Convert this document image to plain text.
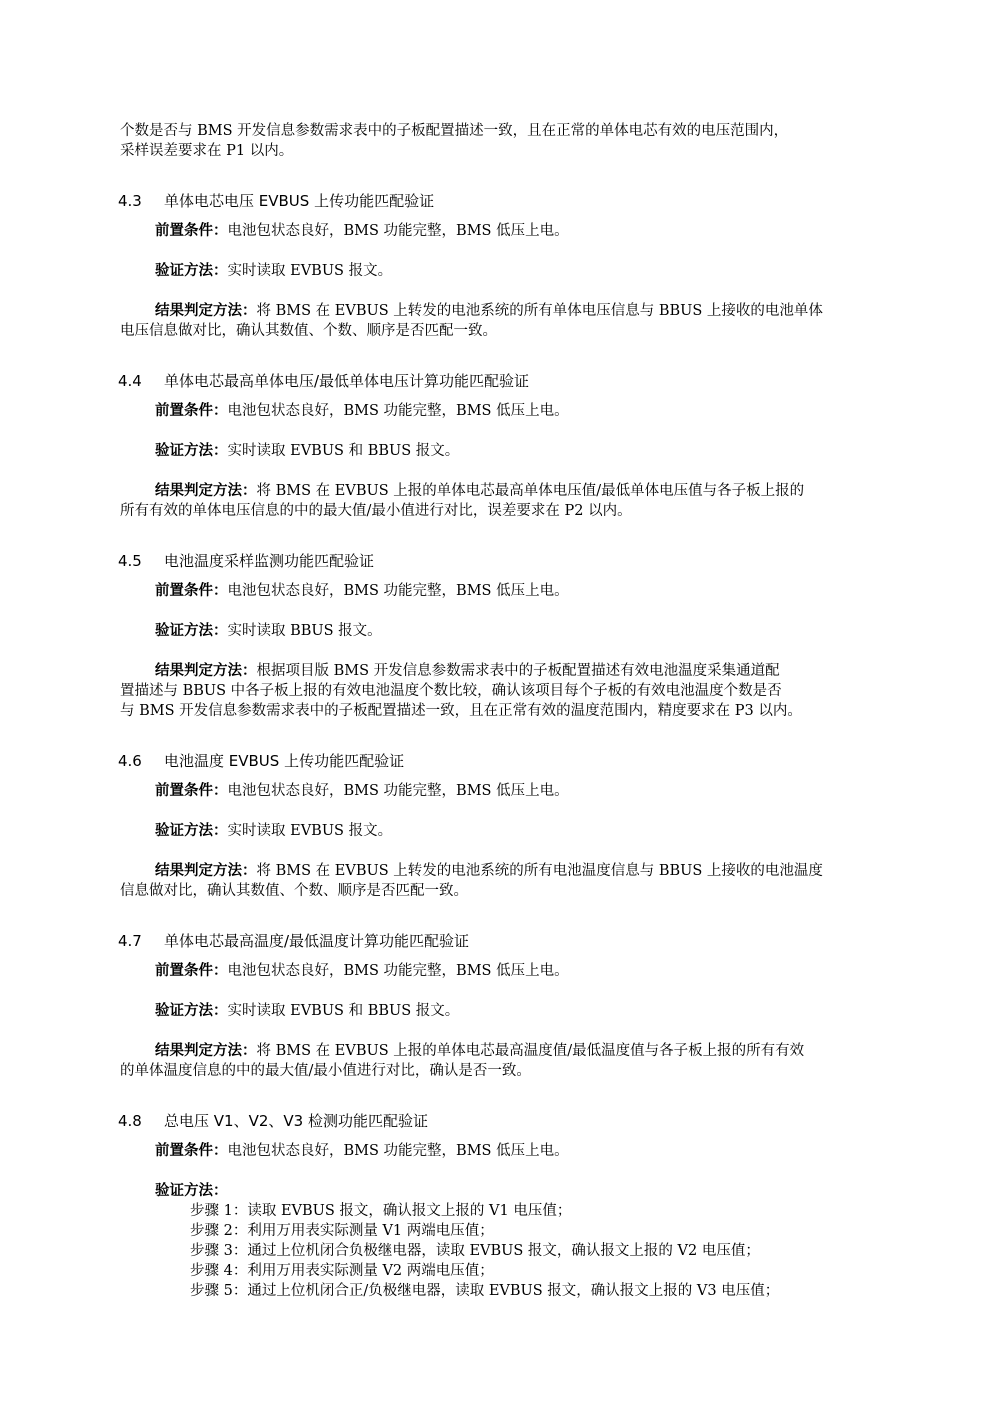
个数是否与 BMS 开发信息参数需求表中的子板配置描述一致，且在正常的单体电芯有效的电压范围内，
采样误差要求在 P1 以内。
4.3 单体电芯电压 EVBUS 上传功能匹配验证
前置条件：电池包状态良好，BMS 功能完整，BMS 低压上电。
验证方法：实时读取 EVBUS 报文。
结果判定方法：将 BMS 在 EVBUS 上转发的电池系统的所有单体电压信息与 BBUS 上接收的电池单体
电压信息做对比，确认其数值、个数、顺序是否匹配一致。
4.4 单体电芯最高单体电压/最低单体电压计算功能匹配验证
前置条件：电池包状态良好，BMS 功能完整，BMS 低压上电。
验证方法：实时读取 EVBUS 和 BBUS 报文。
结果判定方法：将 BMS 在 EVBUS 上报的单体电芯最高单体电压值/最低单体电压值与各子板上报的
所有有效的单体电压信息的中的最大值/最小值进行对比，误差要求在 P2 以内。
4.5 电池温度采样监测功能匹配验证
前置条件：电池包状态良好，BMS 功能完整，BMS 低压上电。
验证方法：实时读取 BBUS 报文。
结果判定方法：根据项目版 BMS 开发信息参数需求表中的子板配置描述有效电池温度采集通道配
置描述与 BBUS 中各子板上报的有效电池温度个数比较，确认该项目每个子板的有效电池温度个数是否
与 BMS 开发信息参数需求表中的子板配置描述一致，且在正常有效的温度范围内，精度要求在 P3 以内。
4.6 电池温度 EVBUS 上传功能匹配验证
前置条件：电池包状态良好，BMS 功能完整，BMS 低压上电。
验证方法：实时读取 EVBUS 报文。
结果判定方法：将 BMS 在 EVBUS 上转发的电池系统的所有电池温度信息与 BBUS 上接收的电池温度
信息做对比，确认其数值、个数、顺序是否匹配一致。
4.7 单体电芯最高温度/最低温度计算功能匹配验证
前置条件：电池包状态良好，BMS 功能完整，BMS 低压上电。
验证方法：实时读取 EVBUS 和 BBUS 报文。
结果判定方法：将 BMS 在 EVBUS 上报的单体电芯最高温度值/最低温度值与各子板上报的所有有效
的单体温度信息的中的最大值/最小值进行对比，确认是否一致。
4.8 总电压 V1、V2、V3 检测功能匹配验证
前置条件：电池包状态良好，BMS 功能完整，BMS 低压上电。
验证方法：
步骤 1：读取 EVBUS 报文，确认报文上报的 V1 电压值；
步骤 2：利用万用表实际测量 V1 两端电压值；
步骤 3：通过上位机闭合负极继电器，读取 EVBUS 报文，确认报文上报的 V2 电压值；
步骤 4：利用万用表实际测量 V2 两端电压值；
步骤 5：通过上位机闭合正/负极继电器，读取 EVBUS 报文，确认报文上报的 V3 电压值；
